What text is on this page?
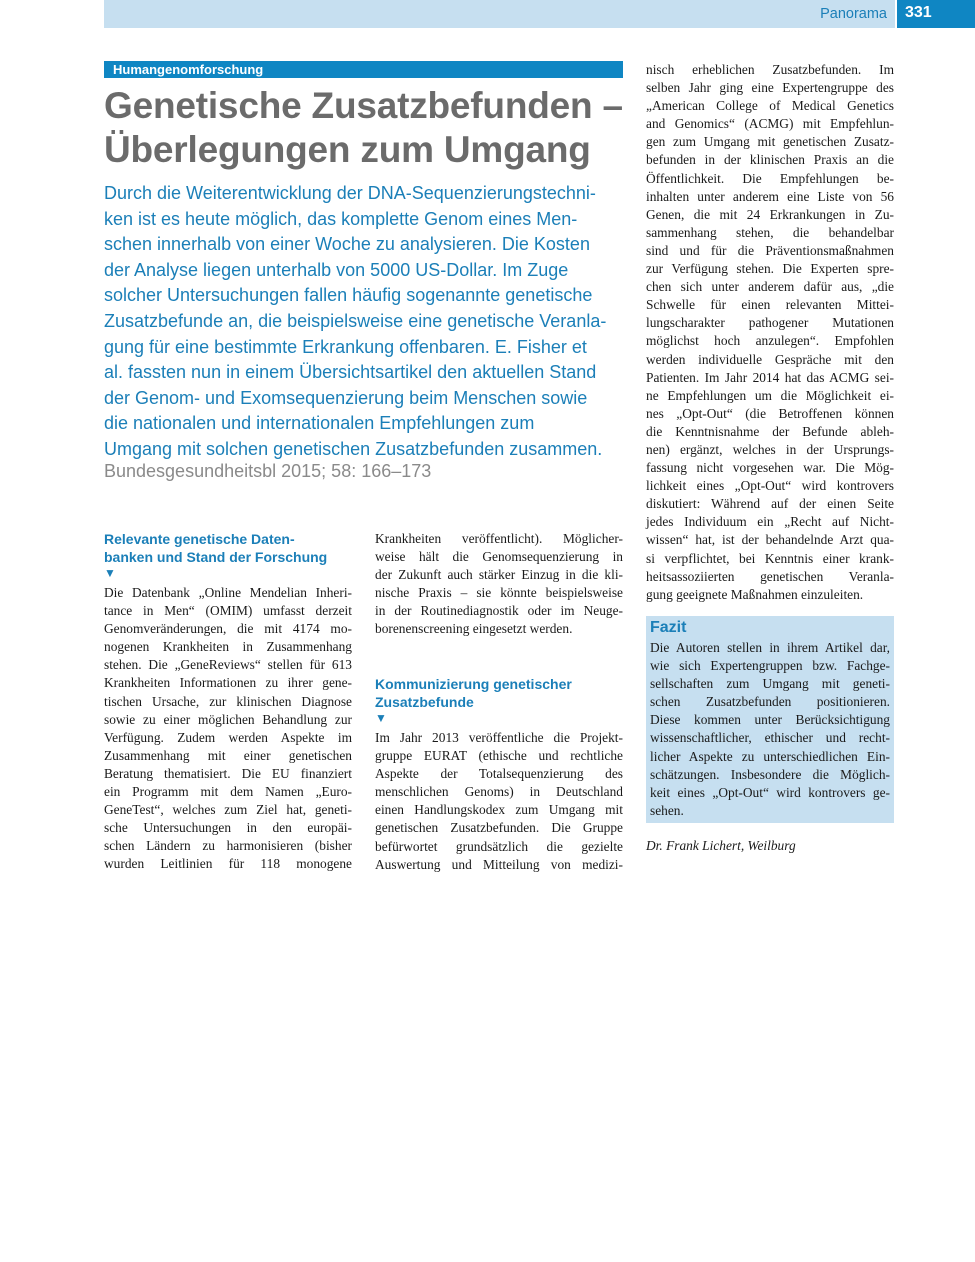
Panorama 331
Humangenomforschung
Genetische Zusatzbefunden –
Überlegungen zum Umgang
Durch die Weiterentwicklung der DNA-Sequenzierungstechni-
ken ist es heute möglich, das komplette Genom eines Men-
schen innerhalb von einer Woche zu analysieren. Die Kosten
der Analyse liegen unterhalb von 5000 US-Dollar. Im Zuge
solcher Untersuchungen fallen häufig sogenannte genetische
Zusatzbefunde an, die beispielsweise eine genetische Veranla-
gung für eine bestimmte Erkrankung offenbaren. E. Fisher et
al. fassten nun in einem Übersichtsartikel den aktuellen Stand
der Genom- und Exomsequenzierung beim Menschen sowie
die nationalen und internationalen Empfehlungen zum
Umgang mit solchen genetischen Zusatzbefunden zusammen.
Bundesgesundheitsbl 2015; 58: 166–173
Relevante genetische Daten-
banken und Stand der Forschung
▼
Die Datenbank „Online Mendelian Inheri-
tance in Men“ (OMIM) umfasst derzeit
Genomveränderungen, die mit 4174 mo-
nogenen Krankheiten in Zusammenhang
stehen. Die „GeneReviews“ stellen für 613
Krankheiten Informationen zu ihrer gene-
tischen Ursache, zur klinischen Diagnose
sowie zu einer möglichen Behandlung zur
Verfügung. Zudem werden Aspekte im
Zusammenhang mit einer genetischen
Beratung thematisiert. Die EU finanziert
ein Programm mit dem Namen „Euro-
GeneTest“, welches zum Ziel hat, geneti-
sche Untersuchungen in den europäi-
schen Ländern zu harmonisieren (bisher
wurden Leitlinien für 118 monogene
Krankheiten veröffentlicht). Möglicher-
weise hält die Genomsequenzierung in
der Zukunft auch stärker Einzug in die kli-
nische Praxis – sie könnte beispielsweise
in der Routinediagnostik oder im Neuge-
borenenscreening eingesetzt werden.
Kommunizierung genetischer
Zusatzbefunde
▼
Im Jahr 2013 veröffentliche die Projekt-
gruppe EURAT (ethische und rechtliche
Aspekte der Totalsequenzierung des
menschlichen Genoms) in Deutschland
einen Handlungskodex zum Umgang mit
genetischen Zusatzbefunden. Die Gruppe
befürwortet grundsätzlich die gezielte
Auswertung und Mitteilung von medizi-
nisch erheblichen Zusatzbefunden. Im
selben Jahr ging eine Expertengruppe des
„American College of Medical Genetics
and Genomics“ (ACMG) mit Empfehlun-
gen zum Umgang mit genetischen Zusatz-
befunden in der klinischen Praxis an die
Öffentlichkeit. Die Empfehlungen be-
inhalten unter anderem eine Liste von 56
Genen, die mit 24 Erkrankungen in Zu-
sammenhang stehen, die behandelbar
sind und für die Präventionsmaßnahmen
zur Verfügung stehen. Die Experten spre-
chen sich unter anderem dafür aus, „die
Schwelle für einen relevanten Mittei-
lungscharakter pathogener Mutationen
möglichst hoch anzulegen“. Empfohlen
werden individuelle Gespräche mit den
Patienten. Im Jahr 2014 hat das ACMG sei-
ne Empfehlungen um die Möglichkeit ei-
nes „Opt-Out“ (die Betroffenen können
die Kenntnisnahme der Befunde ableh-
nen) ergänzt, welches in der Ursprungs-
fassung nicht vorgesehen war. Die Mög-
lichkeit eines „Opt-Out“ wird kontrovers
diskutiert: Während auf der einen Seite
jedes Individuum ein „Recht auf Nicht-
wissen“ hat, ist der behandelnde Arzt qua-
si verpflichtet, bei Kenntnis einer krank-
heitsassoziierten genetischen Veranla-
gung geeignete Maßnahmen einzuleiten.
Fazit
Die Autoren stellen in ihrem Artikel dar,
wie sich Expertengruppen bzw. Fachge-
sellschaften zum Umgang mit geneti-
schen Zusatzbefunden positionieren.
Diese kommen unter Berücksichtigung
wissenschaftlicher, ethischer und recht-
licher Aspekte zu unterschiedlichen Ein-
schätzungen. Insbesondere die Möglich-
keit eines „Opt-Out“ wird kontrovers ge-
sehen.
Dr. Frank Lichert, Weilburg
